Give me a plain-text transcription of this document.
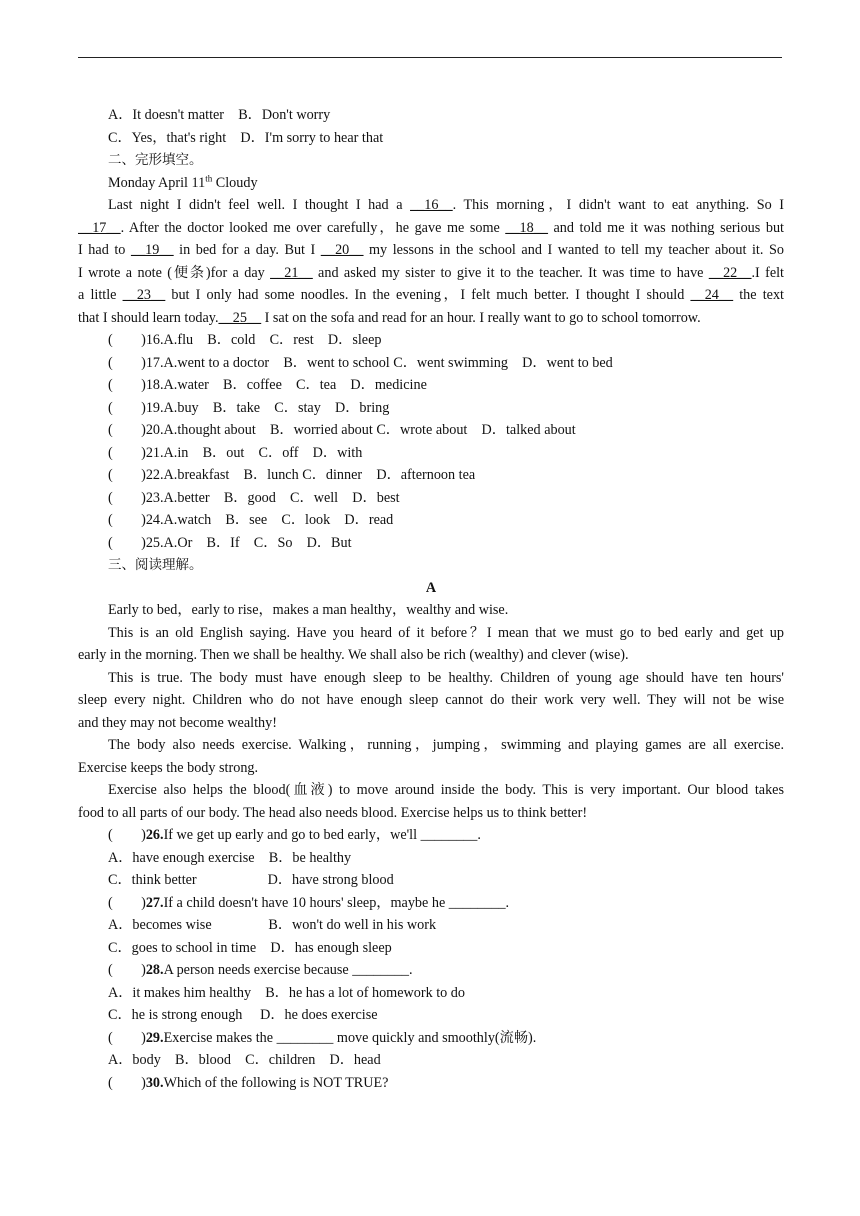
A．It doesn't matter　B．Don't worry
C．Yes，that's right　D．I'm sorry to hear that
二、完形填空。
Monday April 11th Cloudy
Last night I didn't feel well. I thought I had a __16__. This morning，I didn't want to eat anything. So I
__17__. After the doctor looked me over carefully，he gave me some __18__ and told me it was nothing serious but
I had to __19__ in bed for a day. But I __20__ my lessons in the school and I wanted to tell my teacher about it. So
I wrote a note (便条)for a day __21__ and asked my sister to give it to the teacher. It was time to have __22__.I felt
a little __23__ but I only had some noodles. In the evening，I felt much better. I thought I should __24__ the text
that I should learn today.__25__ I sat on the sofa and read for an hour. I really want to go to school tomorrow.
(　　)16.A.flu　B．cold　C．rest　D．sleep
(　　)17.A.went to a doctor　B．went to school C．went swimming　D．went to bed
(　　)18.A.water　B．coffee　C．tea　D．medicine
(　　)19.A.buy　B．take　C．stay　D．bring
(　　)20.A.thought about　B．worried about C．wrote about　D．talked about
(　　)21.A.in　B．out　C．off　D．with
(　　)22.A.breakfast　B．lunch C．dinner　D．afternoon tea
(　　)23.A.better　B．good　C．well　D．best
(　　)24.A.watch　B．see　C．look　D．read
(　　)25.A.Or　B．If　C．So　D．But
三、阅读理解。
A
Early to bed，early to rise，makes a man healthy，wealthy and wise.
This is an old English saying. Have you heard of it before？I mean that we must go to bed early and get up
early in the morning. Then we shall be healthy. We shall also be rich (wealthy) and clever (wise).
This is true. The body must have enough sleep to be healthy. Children of young age should have ten hours'
sleep every night. Children who do not have enough sleep cannot do their work very well. They will not be wise
and they may not become wealthy!
The body also needs exercise. Walking，running，jumping，swimming and playing games are all exercise.
Exercise keeps the body strong.
Exercise also helps the blood(血液) to move around inside the body. This is very important. Our blood takes
food to all parts of our body. The head also needs blood. Exercise helps us to think better!
(　　)26.If we get up early and go to bed early，we'll ________.
A．have enough exercise　B．be healthy
C．think better　　　　　D．have strong blood
(　　)27.If a child doesn't have 10 hours' sleep，maybe he ________.
A．becomes wise　　　　B．won't do well in his work
C．goes to school in time　D．has enough sleep
(　　)28.A person needs exercise because ________.
A．it makes him healthy　B．he has a lot of homework to do
C．he is strong enough　 D．he does exercise
(　　)29.Exercise makes the ________ move quickly and smoothly(流畅).
A．body　B．blood　C．children　D．head
(　　)30.Which of the following is NOT TRUE?
